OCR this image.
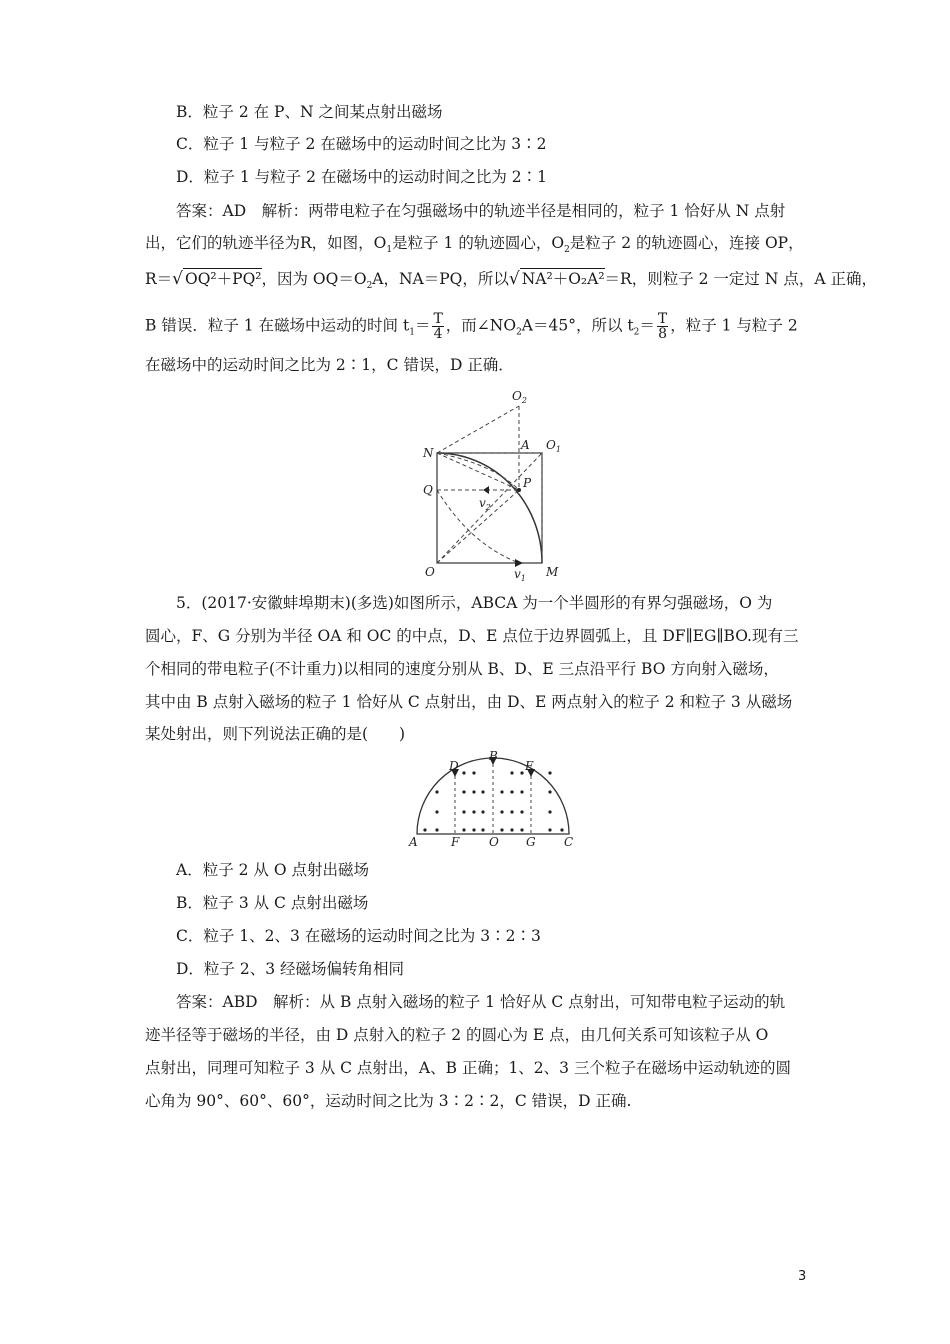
B．粒子 2 在 P、N 之间某点射出磁场
C．粒子 1 与粒子 2 在磁场中的运动时间之比为 3∶2
D．粒子 1 与粒子 2 在磁场中的运动时间之比为 2∶1
答案：AD　解析：两带电粒子在匀强磁场中的轨迹半径是相同的，粒子 1 恰好从 N 点射
出，它们的轨迹半径为R，如图，$O_1$是粒子 1 的轨迹圆心，$O_2$是粒子 2 的轨迹圆心，连接 OP，
R＝√ OQ²＋PQ²，因为 $OQ=O_2A$，NA＝PQ，所以√ NA²＋O₂A²＝R，则粒子 2 一定过 N 点，A 正确，
B 错误．粒子 1 在磁场中运动的时间 $t_1= \frac{T}{4}$ ，而$\angle NO_2A=45^\circ$，所以 $t_2= \frac{T}{8}$ ，粒子 1 与粒子 2
在磁场中的运动时间之比为 2∶1，C 错误，D 正确．
$O_2$
A $O_1$
N
Q	P
$v_2$
O	$v_1$ M
5．(2017·安徽蚌埠期末)(多选)如图所示，ABCA 为一个半圆形的有界匀强磁场，O 为
圆心，F、G 分别为半径 OA 和 OC 的中点，D、E 点位于边界圆弧上，且 DF∥EG∥BO.现有三
个相同的带电粒子(不计重力)以相同的速度分别从 B、D、E 三点沿平行 BO 方向射入磁场，
其中由 B 点射入磁场的粒子 1 恰好从 C 点射出，由 D、E 两点射入的粒子 2 和粒子 3 从磁场
某处射出，则下列说法正确的是(　　)
D
B
E
A	F O G C
A．粒子 2 从 O 点射出磁场
B．粒子 3 从 C 点射出磁场
C．粒子 1、2、3 在磁场的运动时间之比为 3∶2∶3
D．粒子 2、3 经磁场偏转角相同
答案：ABD　解析：从 B 点射入磁场的粒子 1 恰好从 C 点射出，可知带电粒子运动的轨
迹半径等于磁场的半径，由 D 点射入的粒子 2 的圆心为 E 点，由几何关系可知该粒子从 O
点射出，同理可知粒子 3 从 C 点射出，A、B 正确；1、2、3 三个粒子在磁场中运动轨迹的圆
心角为 90°、60°、60°，运动时间之比为 3∶2∶2，C 错误，D 正确.
3
